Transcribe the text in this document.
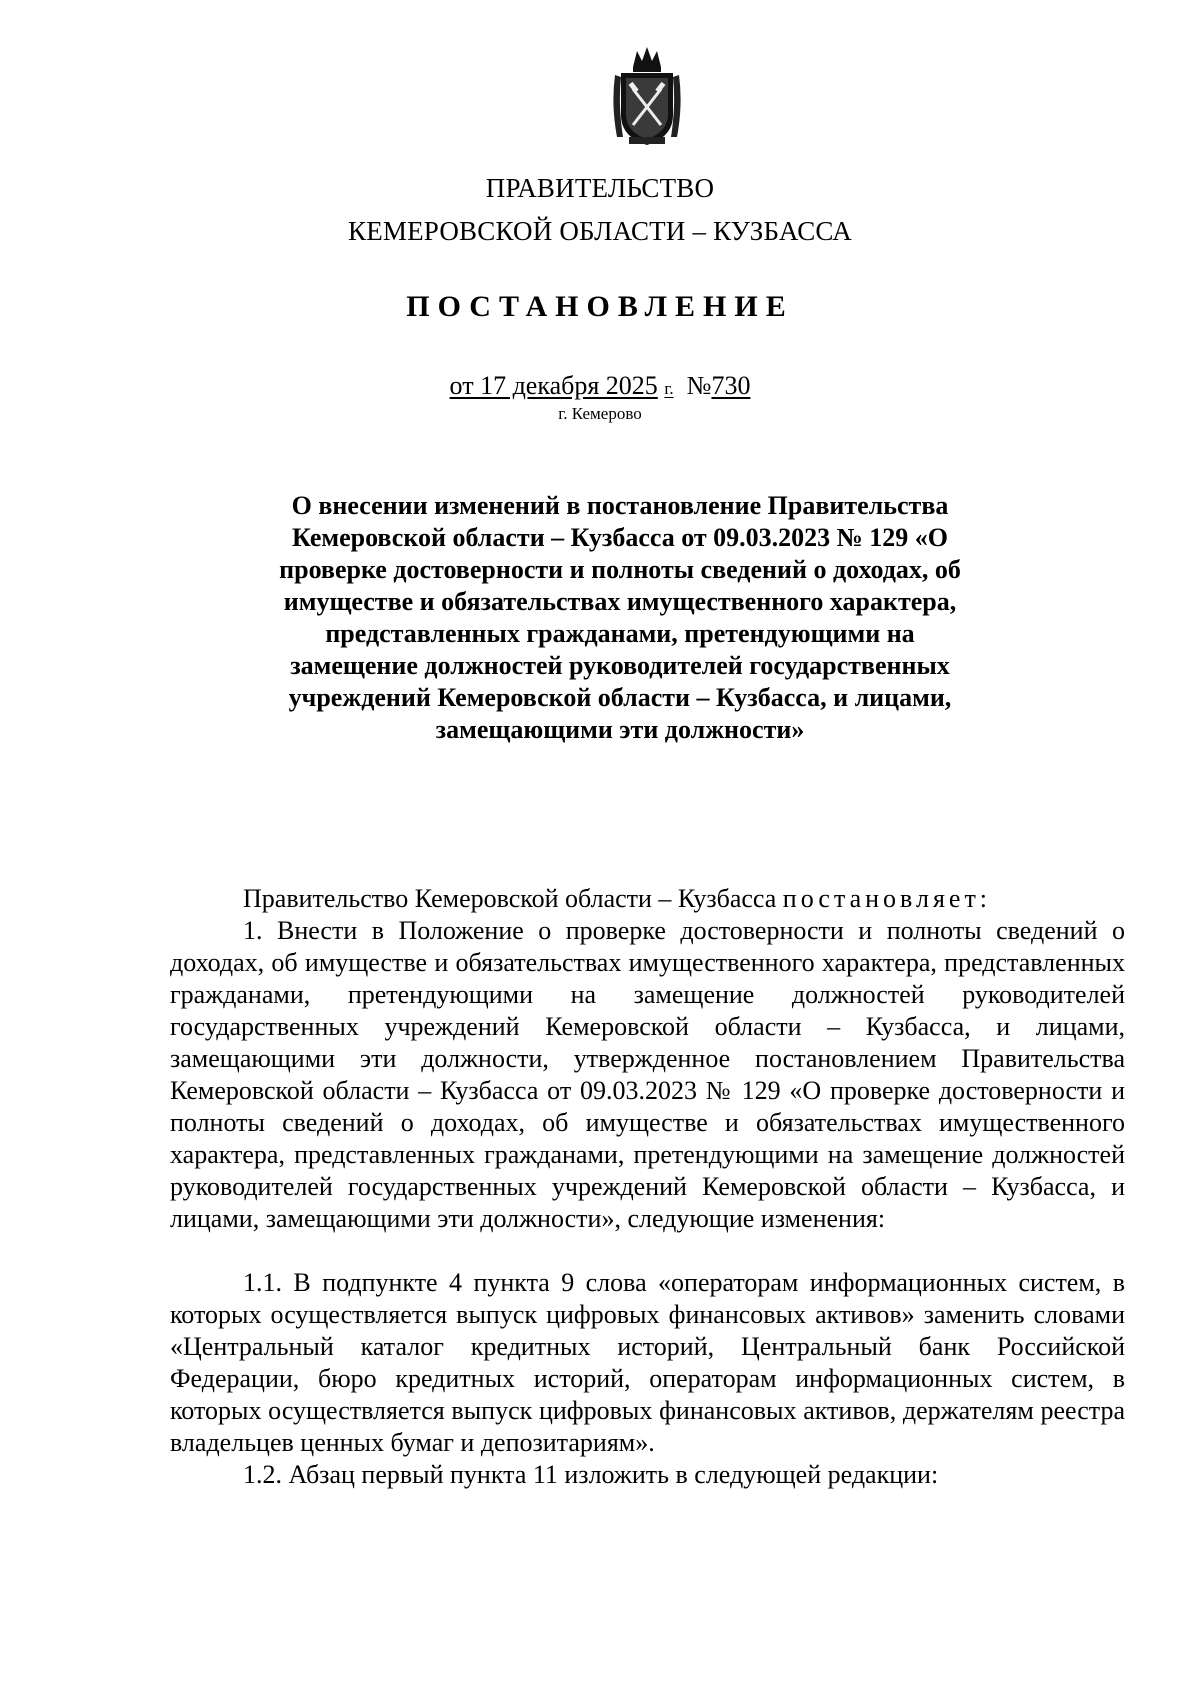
ПРАВИТЕЛЬСТВО
КЕМЕРОВСКОЙ ОБЛАСТИ – КУЗБАССА
ПОСТАНОВЛЕНИЕ
от 17 декабря 2025 г. №730
г. Кемерово

О внесении изменений в постановление Правительства Кемеровской области – Кузбасса от 09.03.2023 № 129 «О проверке достоверности и полноты сведений о доходах, об имуществе и обязательствах имущественного характера, представленных гражданами, претендующими на замещение должностей руководителей государственных учреждений Кемеровской области – Кузбасса, и лицами, замещающими эти должности»

Правительство Кемеровской области – Кузбасса постановляет:

1. Внести в Положение о проверке достоверности и полноты сведений о доходах, об имуществе и обязательствах имущественного характера, представленных гражданами, претендующими на замещение должностей руководителей государственных учреждений Кемеровской области – Кузбасса, и лицами, замещающими эти должности, утвержденное постановлением Правительства Кемеровской области – Кузбасса от 09.03.2023 № 129 «О проверке достоверности и полноты сведений о доходах, об имуществе и обязательствах имущественного характера, представленных гражданами, претендующими на замещение должностей руководителей государственных учреждений Кемеровской области – Кузбасса, и лицами, замещающими эти должности», следующие изменения:

1.1. В подпункте 4 пункта 9 слова «операторам информационных систем, в которых осуществляется выпуск цифровых финансовых активов» заменить словами «Центральный каталог кредитных историй, Центральный банк Российской Федерации, бюро кредитных историй, операторам информационных систем, в которых осуществляется выпуск цифровых финансовых активов, держателям реестра владельцев ценных бумаг и депозитариям».

1.2. Абзац первый пункта 11 изложить в следующей редакции:
